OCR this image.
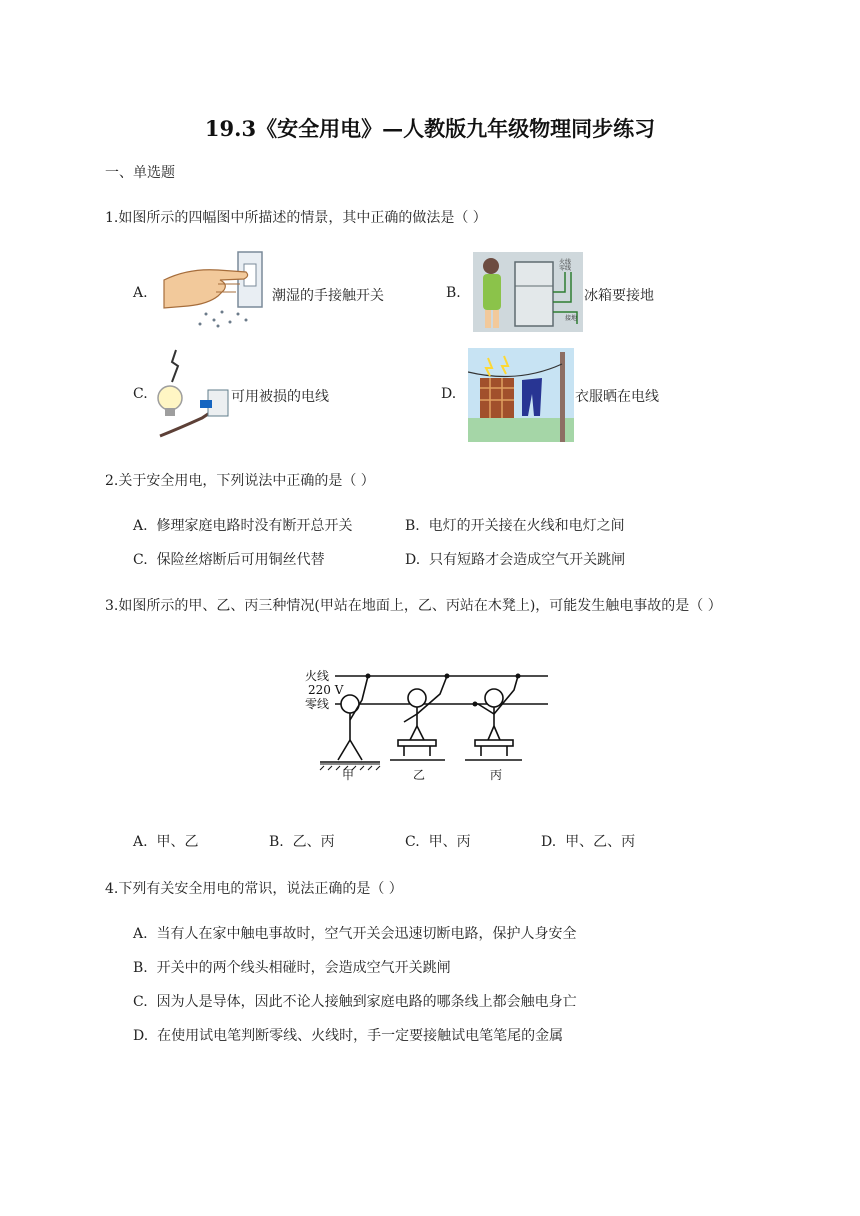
19.3《安全用电》—人教版九年级物理同步练习
一、单选题
1.如图所示的四幅图中所描述的情景，其中正确的做法是（ ）
A.	潮湿的手接触开关	B.
火线
零线
接地
冰箱要接地
C.	可用被损的电线	D.	衣服晒在电线
2.关于安全用电，下列说法中正确的是（ ）
A. 修理家庭电路时没有断开总开关	B. 电灯的开关接在火线和电灯之间
C. 保险丝熔断后可用铜丝代替	D. 只有短路才会造成空气开关跳闸
3.如图所示的甲、乙、丙三种情况(甲站在地面上，乙、丙站在木凳上)，可能发生触电事故的是（ ）
火线
220 V
零线
甲	乙	丙
A. 甲、乙	B. 乙、丙	C. 甲、丙	D. 甲、乙、丙
4.下列有关安全用电的常识，说法正确的是（ ）
A. 当有人在家中触电事故时，空气开关会迅速切断电路，保护人身安全
B. 开关中的两个线头相碰时，会造成空气开关跳闸
C. 因为人是导体，因此不论人接触到家庭电路的哪条线上都会触电身亡
D. 在使用试电笔判断零线、火线时，手一定要接触试电笔笔尾的金属
